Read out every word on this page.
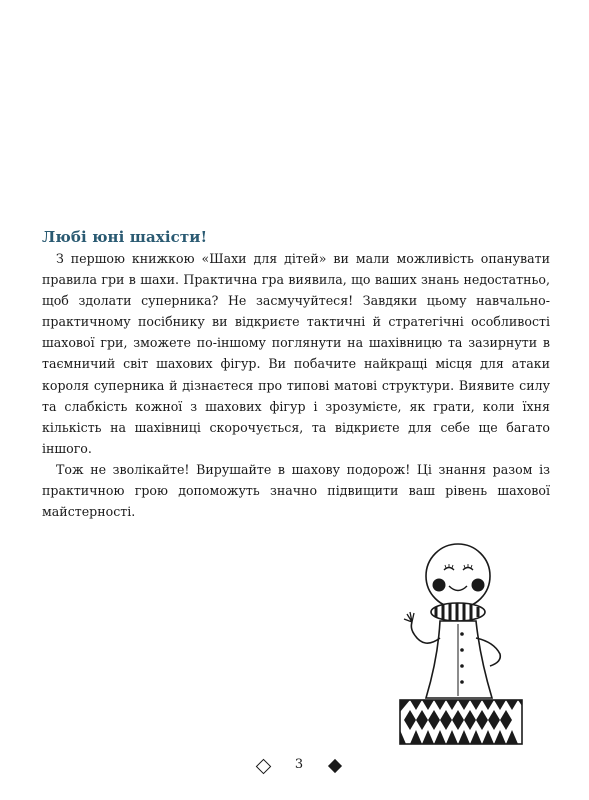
Любі юні шахісти!

З першою книжкою «Шахи для дітей» ви мали можливість опанувати правила гри в шахи. Практична гра виявила, що ваших знань недостатньо, щоб здолати суперника? Не засмучуйтеся! Завдяки цьому навчально-практичному посібнику ви відкриєте тактичні й стратегічні особливості шахової гри, зможете по-іншому поглянути на шахівницю та зазирнути в таємничий світ шахових фігур. Ви побачите найкращі місця для атаки короля суперника й дізнаєтеся про типові матові структури. Виявите силу та слабкість кожної з шахових фігур і зрозумієте, як грати, коли їхня кількість на шахівниці скорочується, та відкриєте для себе ще багато іншого.

Тож не зволікайте! Вирушайте в шахову подорож! Ці знання разом із практичною грою допоможуть значно підвищити ваш рівень шахової майстерності.

3
